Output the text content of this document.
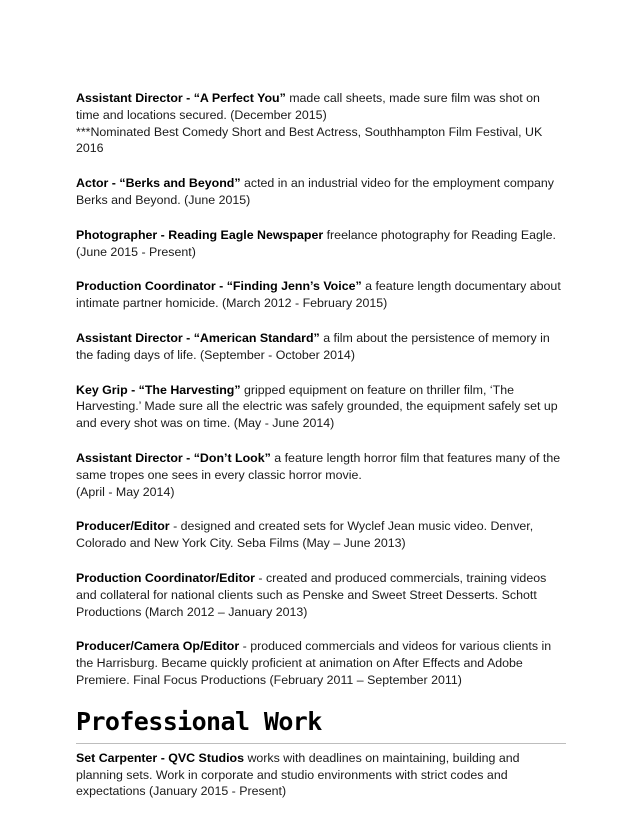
Assistant Director - “A Perfect You” made call sheets, made sure film was shot on time and locations secured. (December 2015)

***Nominated Best Comedy Short and Best Actress, Southhampton Film Festival, UK 2016

Actor - “Berks and Beyond” acted in an industrial video for the employment company Berks and Beyond. (June 2015)

Photographer - Reading Eagle Newspaper freelance photography for Reading Eagle. (June 2015 - Present)

Production Coordinator - “Finding Jenn’s Voice” a feature length documentary about intimate partner homicide. (March 2012 - February 2015)

Assistant Director - “American Standard” a film about the persistence of memory in the fading days of life. (September - October 2014)

Key Grip - “The Harvesting” gripped equipment on feature on thriller film, ‘The Harvesting.’ Made sure all the electric was safely grounded, the equipment safely set up and every shot was on time. (May - June 2014)

Assistant Director - “Don’t Look” a feature length horror film that features many of the same tropes one sees in every classic horror movie.

(April - May 2014)

Producer/Editor - designed and created sets for Wyclef Jean music video. Denver, Colorado and New York City. Seba Films (May – June 2013)

Production Coordinator/Editor - created and produced commercials, training videos and collateral for national clients such as Penske and Sweet Street Desserts. Schott Productions (March 2012 – January 2013)

Producer/Camera Op/Editor - produced commercials and videos for various clients in the Harrisburg. Became quickly proficient at animation on After Effects and Adobe Premiere. Final Focus Productions (February 2011 – September 2011)

Professional Work

Set Carpenter - QVC Studios works with deadlines on maintaining, building and planning sets. Work in corporate and studio environments with strict codes and expectations (January 2015 - Present)
